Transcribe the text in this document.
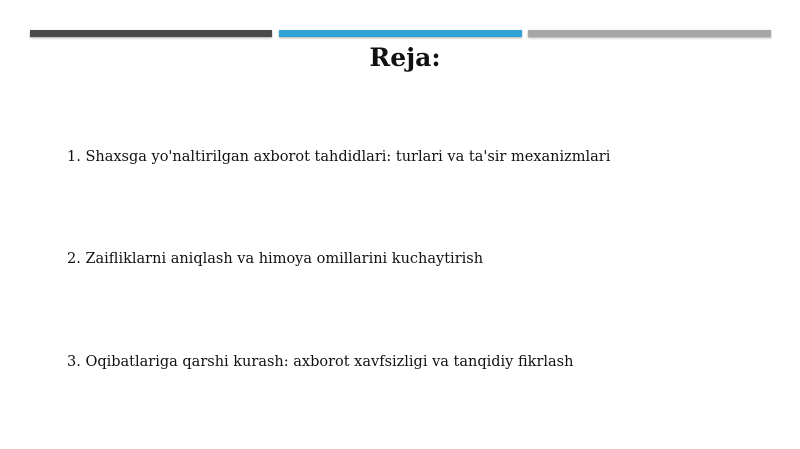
Reja:

1. Shaxsga yo'naltirilgan axborot tahdidlari: turlari va ta'sir mexanizmlari

2. Zaifliklarni aniqlash va himoya omillarini kuchaytirish

3. Oqibatlariga qarshi kurash: axborot xavfsizligi va tanqidiy fikrlash
